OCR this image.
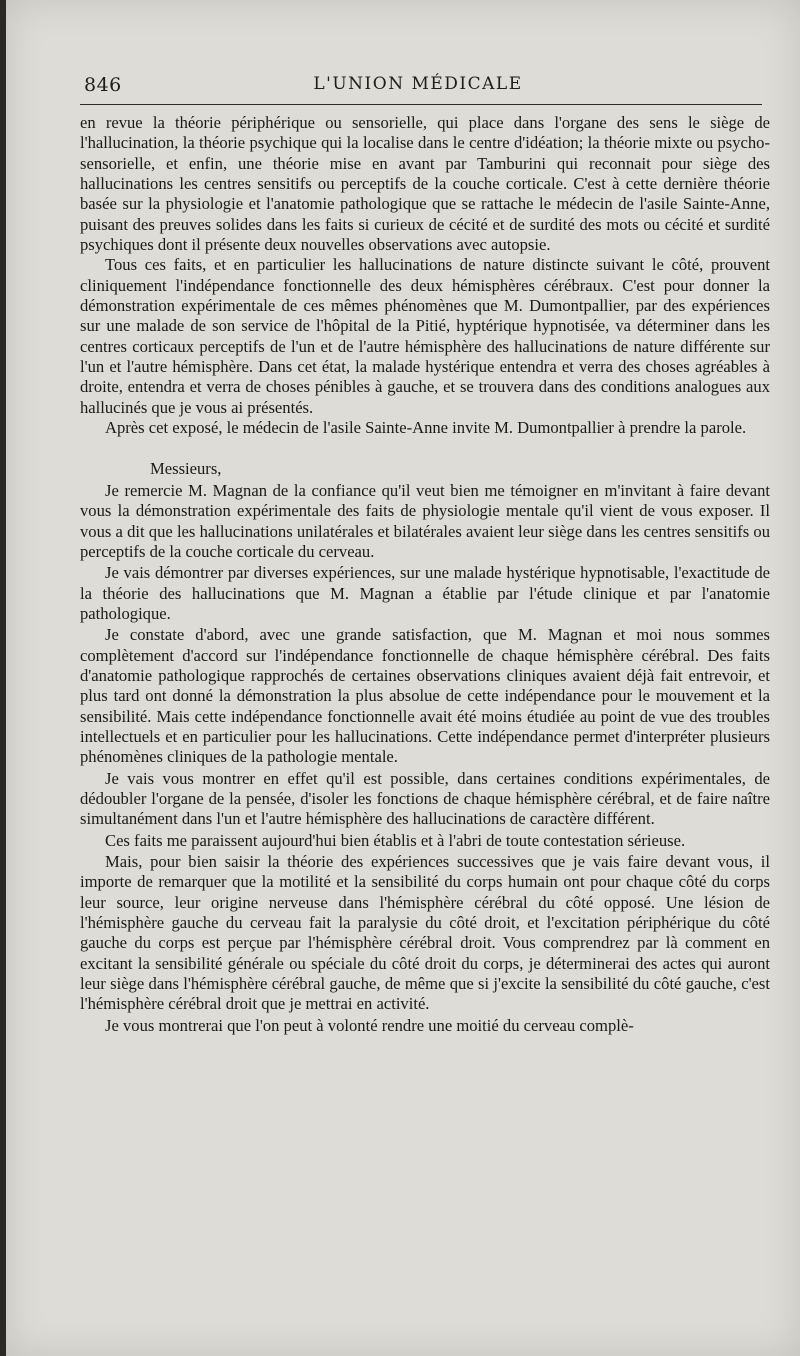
846	L'UNION MÉDICALE

en revue la théorie périphérique ou sensorielle, qui place dans l'organe des sens le siège de l'hallucination, la théorie psychique qui la localise dans le centre d'idéation; la théorie mixte ou psycho-sensorielle, et enfin, une théorie mise en avant par Tamburini qui reconnait pour siège des hallucinations les centres sensitifs ou perceptifs de la couche corticale. C'est à cette dernière théorie basée sur la physiologie et l'anatomie pathologique que se rattache le médecin de l'asile Sainte-Anne, puisant des preuves solides dans les faits si curieux de cécité et de surdité des mots ou cécité et surdité psychiques dont il présente deux nouvelles observations avec autopsie.

Tous ces faits, et en particulier les hallucinations de nature distincte suivant le côté, prouvent cliniquement l'indépendance fonctionnelle des deux hémisphères cérébraux. C'est pour donner la démonstration expérimentale de ces mêmes phénomènes que M. Dumontpallier, par des expériences sur une malade de son service de l'hôpital de la Pitié, hyptérique hypnotisée, va déterminer dans les centres corticaux perceptifs de l'un et de l'autre hémisphère des hallucinations de nature différente sur l'un et l'autre hémisphère. Dans cet état, la malade hystérique entendra et verra des choses agréables à droite, entendra et verra de choses pénibles à gauche, et se trouvera dans des conditions analogues aux hallucinés que je vous ai présentés.

Après cet exposé, le médecin de l'asile Sainte-Anne invite M. Dumontpallier à prendre la parole.

Messieurs,

Je remercie M. Magnan de la confiance qu'il veut bien me témoigner en m'invitant à faire devant vous la démonstration expérimentale des faits de physiologie mentale qu'il vient de vous exposer. Il vous a dit que les hallucinations unilatérales et bilatérales avaient leur siège dans les centres sensitifs ou perceptifs de la couche corticale du cerveau.

Je vais démontrer par diverses expériences, sur une malade hystérique hypnotisable, l'exactitude de la théorie des hallucinations que M. Magnan a établie par l'étude clinique et par l'anatomie pathologique.

Je constate d'abord, avec une grande satisfaction, que M. Magnan et moi nous sommes complètement d'accord sur l'indépendance fonctionnelle de chaque hémisphère cérébral. Des faits d'anatomie pathologique rapprochés de certaines observations cliniques avaient déjà fait entrevoir, et plus tard ont donné la démonstration la plus absolue de cette indépendance pour le mouvement et la sensibilité. Mais cette indépendance fonctionnelle avait été moins étudiée au point de vue des troubles intellectuels et en particulier pour les hallucinations. Cette indépendance permet d'interpréter plusieurs phénomènes cliniques de la pathologie mentale.

Je vais vous montrer en effet qu'il est possible, dans certaines conditions expérimentales, de dédoubler l'organe de la pensée, d'isoler les fonctions de chaque hémisphère cérébral, et de faire naître simultanément dans l'un et l'autre hémisphère des hallucinations de caractère différent.

Ces faits me paraissent aujourd'hui bien établis et à l'abri de toute contestation sérieuse.

Mais, pour bien saisir la théorie des expériences successives que je vais faire devant vous, il importe de remarquer que la motilité et la sensibilité du corps humain ont pour chaque côté du corps leur source, leur origine nerveuse dans l'hémisphère cérébral du côté opposé. Une lésion de l'hémisphère gauche du cerveau fait la paralysie du côté droit, et l'excitation périphérique du côté gauche du corps est perçue par l'hémisphère cérébral droit. Vous comprendrez par là comment en excitant la sensibilité générale ou spéciale du côté droit du corps, je déterminerai des actes qui auront leur siège dans l'hémisphère cérébral gauche, de même que si j'excite la sensibilité du côté gauche, c'est l'hémisphère cérébral droit que je mettrai en activité.

Je vous montrerai que l'on peut à volonté rendre une moitié du cerveau complè-
